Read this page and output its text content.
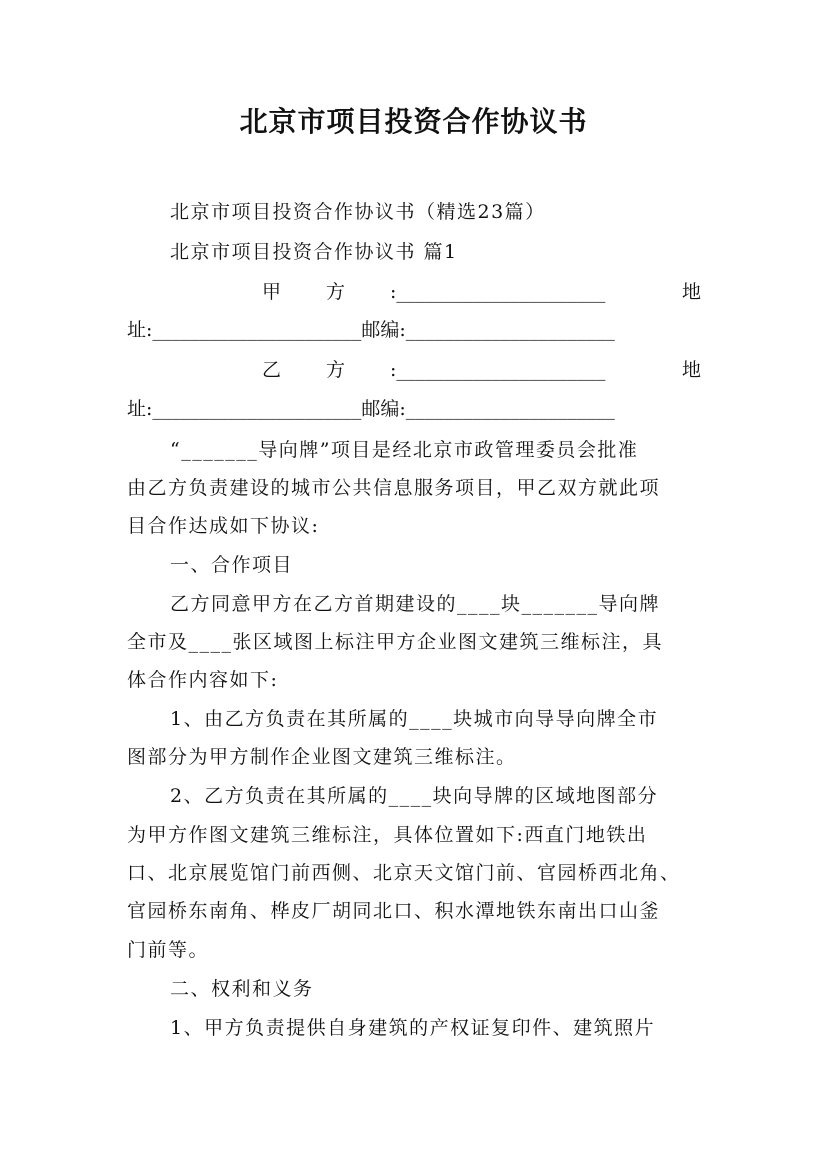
北京市项目投资合作协议书
北京市项目投资合作协议书（精选23篇）
北京市项目投资合作协议书 篇1
甲 方 :______________________	地
址:______________________邮编:______________________
乙 方 :______________________	地
址:______________________邮编:______________________
“_______导向牌”项目是经北京市政管理委员会批准
由乙方负责建设的城市公共信息服务项目，甲乙双方就此项
目合作达成如下协议:
一、合作项目
乙方同意甲方在乙方首期建设的____块_______导向牌
全市及____张区域图上标注甲方企业图文建筑三维标注，具
体合作内容如下:
1、由乙方负责在其所属的____块城市向导导向牌全市
图部分为甲方制作企业图文建筑三维标注。
2、乙方负责在其所属的____块向导牌的区域地图部分
为甲方作图文建筑三维标注，具体位置如下:西直门地铁出
口、北京展览馆门前西侧、北京天文馆门前、官园桥西北角、
官园桥东南角、桦皮厂胡同北口、积水潭地铁东南出口山釜
门前等。
二、权利和义务
1、甲方负责提供自身建筑的产权证复印件、建筑照片
